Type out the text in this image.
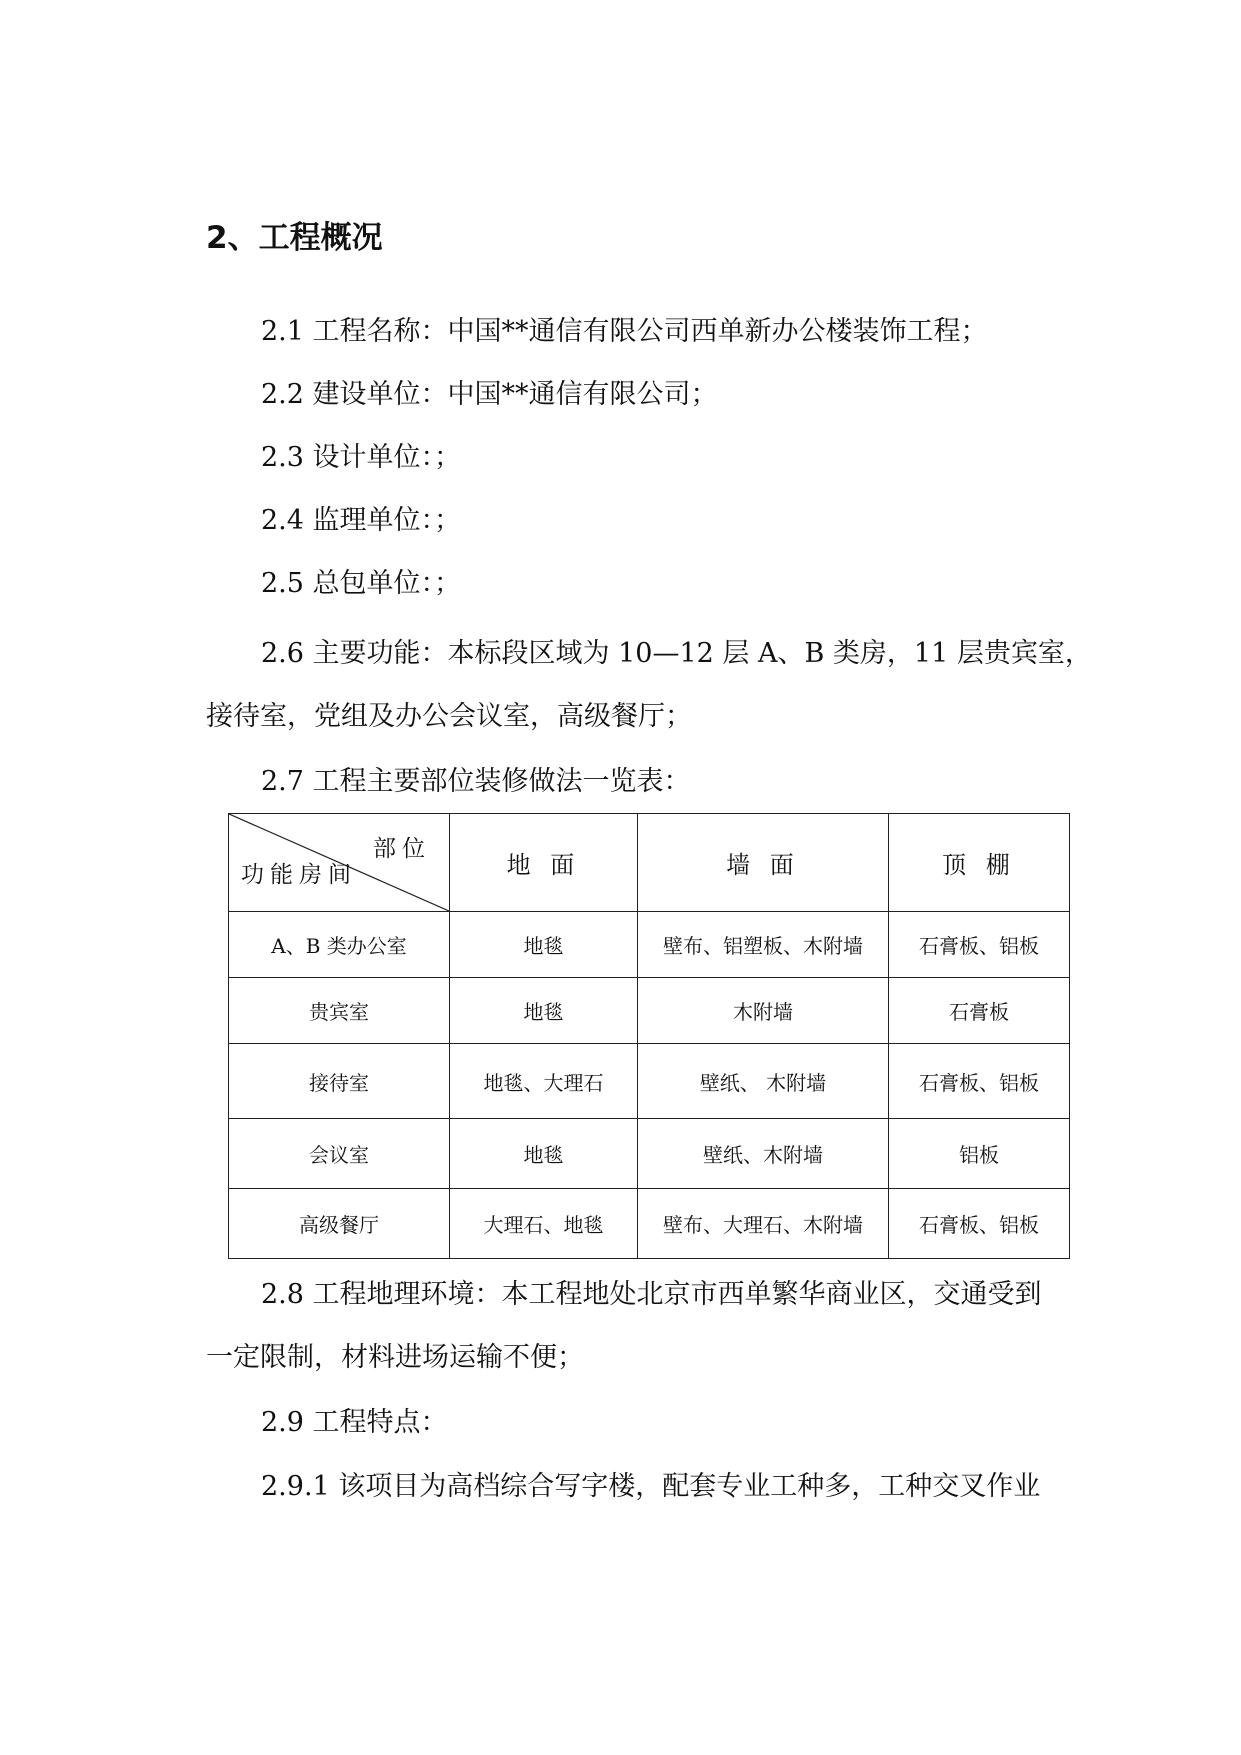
2、工程概况
2.1 工程名称：中国**通信有限公司西单新办公楼装饰工程；
2.2 建设单位：中国**通信有限公司；
2.3 设计单位：；
2.4 监理单位：；
2.5 总包单位：；
2.6 主要功能：本标段区域为 10—12 层 A、B 类房，11 层贵宾室，
接待室，党组及办公会议室，高级餐厅；
2.7 工程主要部位装修做法一览表：
部位
功能房间	地 面	墙 面	顶 棚
A、B 类办公室	地毯	壁布、铝塑板、木附墙	石膏板、铝板
贵宾室	地毯	木附墙	石膏板
接待室	地毯、大理石	壁纸、 木附墙	石膏板、铝板
会议室	地毯	壁纸、木附墙	铝板
高级餐厅	大理石、地毯	壁布、大理石、木附墙	石膏板、铝板
2.8 工程地理环境：本工程地处北京市西单繁华商业区，交通受到
一定限制，材料进场运输不便；
2.9 工程特点：
2.9.1 该项目为高档综合写字楼，配套专业工种多，工种交叉作业
